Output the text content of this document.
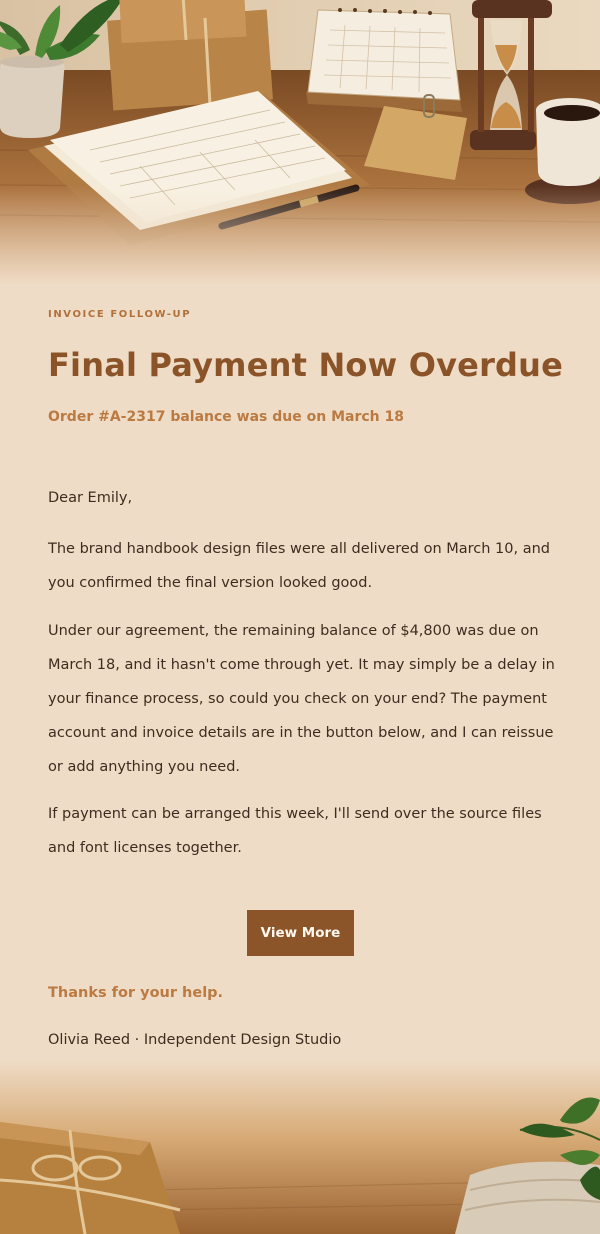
INVOICE FOLLOW-UP
Final Payment Now Overdue
Order #A-2317 balance was due on March 18

Dear Emily,

The brand handbook design files were all delivered on March 10, and you confirmed the final version looked good.

Under our agreement, the remaining balance of $4,800 was due on March 18, and it hasn't come through yet. It may simply be a delay in your finance process, so could you check on your end? The payment account and invoice details are in the button below, and I can reissue or add anything you need.

If payment can be arranged this week, I'll send over the source files and font licenses together.

View More
Thanks for your help.
Olivia Reed · Independent Design Studio
